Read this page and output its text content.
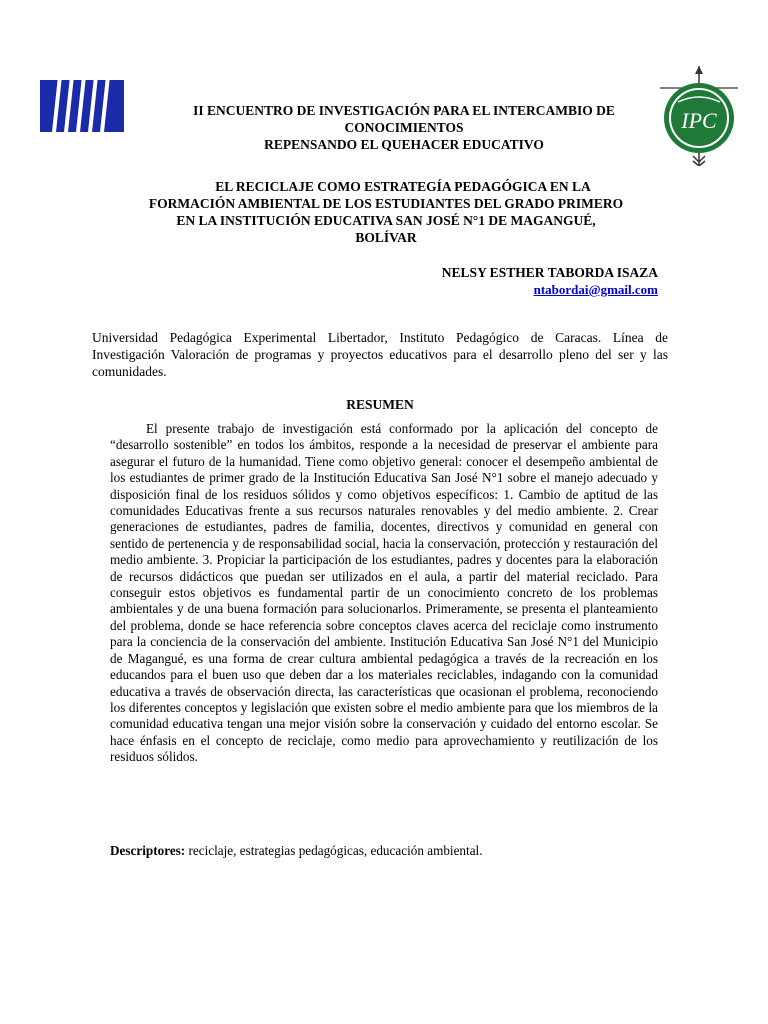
IPC
II ENCUENTRO DE INVESTIGACIÓN PARA EL INTERCAMBIO DE
CONOCIMIENTOS
REPENSANDO EL QUEHACER EDUCATIVO
EL RECICLAJE COMO ESTRATEGÍA PEDAGÓGICA EN LA
FORMACIÓN AMBIENTAL DE LOS ESTUDIANTES DEL GRADO PRIMERO
EN LA INSTITUCIÓN EDUCATIVA SAN JOSÉ N°1 DE MAGANGUÉ,
BOLÍVAR
NELSY ESTHER TABORDA ISAZA
ntabordai@gmail.com
Universidad Pedagógica Experimental Libertador, Instituto Pedagógico de Caracas. Línea de Investigación Valoración de programas y proyectos educativos para el desarrollo pleno del ser y las comunidades.
RESUMEN

El presente trabajo de investigación está conformado por la aplicación del concepto de “desarrollo sostenible” en todos los ámbitos, responde a la necesidad de preservar el ambiente para asegurar el futuro de la humanidad. Tiene como objetivo general: conocer el desempeño ambiental de los estudiantes de primer grado de la Institución Educativa San José N°1 sobre el manejo adecuado y disposición final de los residuos sólidos y como objetivos específicos: 1. Cambio de aptitud de las comunidades Educativas frente a sus recursos naturales renovables y del medio ambiente. 2. Crear generaciones de estudiantes, padres de familia, docentes, directivos y comunidad en general con sentido de pertenencia y de responsabilidad social, hacia la conservación, protección y restauración del medio ambiente. 3. Propiciar la participación de los estudiantes, padres y docentes para la elaboración de recursos didácticos que puedan ser utilizados en el aula, a partir del material reciclado. Para conseguir estos objetivos es fundamental partir de un conocimiento concreto de los problemas ambientales y de una buena formación para solucionarlos. Primeramente, se presenta el planteamiento del problema, donde se hace referencia sobre conceptos claves acerca del reciclaje como instrumento para la conciencia de la conservación del ambiente. Institución Educativa San José N°1 del Municipio de Magangué, es una forma de crear cultura ambiental pedagógica a través de la recreación en los educandos para el buen uso que deben dar a los materiales reciclables, indagando con la comunidad educativa a través de observación directa, las características que ocasionan el problema, reconociendo los diferentes conceptos y legislación que existen sobre el medio ambiente para que los miembros de la comunidad educativa tengan una mejor visión sobre la conservación y cuidado del entorno escolar. Se hace énfasis en el concepto de reciclaje, como medio para aprovechamiento y reutilización de los residuos sólidos.

Descriptores: reciclaje, estrategias pedagógicas, educación ambiental.
